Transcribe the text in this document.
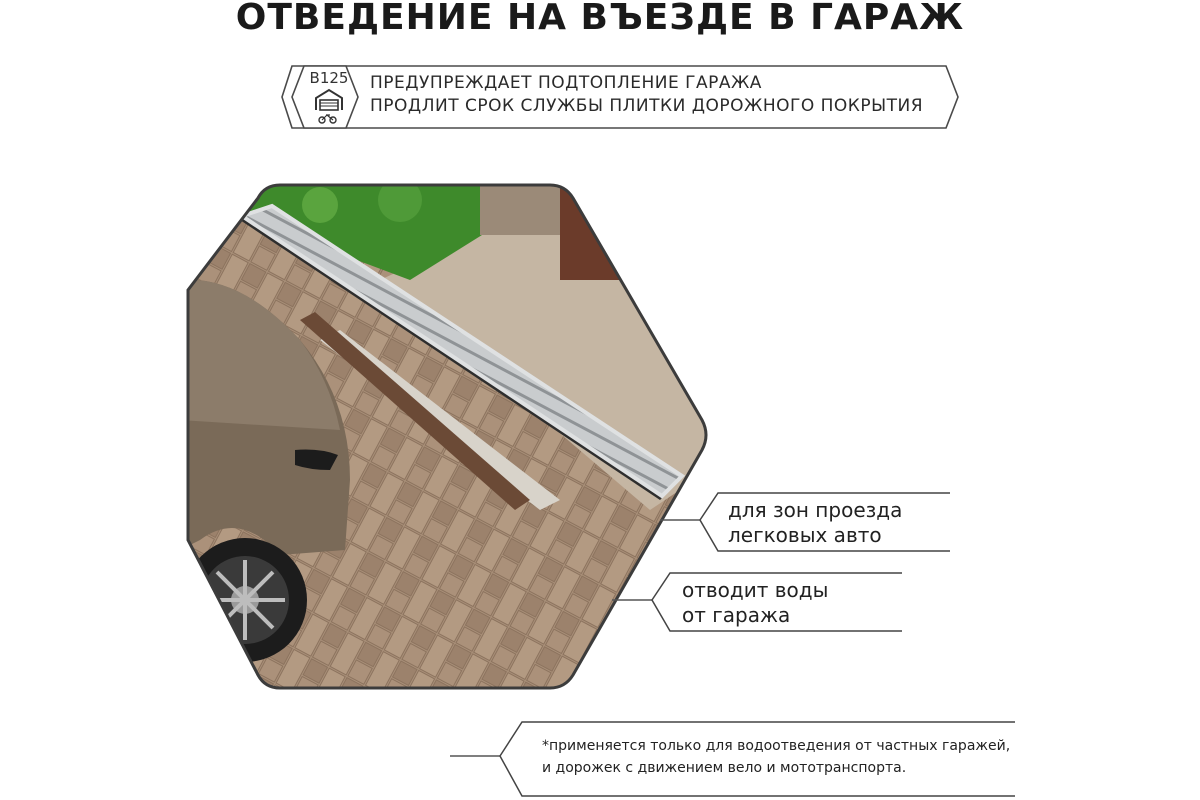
ОТВЕДЕНИЕ НА ВЪЕЗДЕ В ГАРАЖ
B125	ПРЕДУПРЕЖДАЕТ ПОДТОПЛЕНИЕ ГАРАЖА
ПРОДЛИТ СРОК СЛУЖБЫ ПЛИТКИ ДОРОЖНОГО ПОКРЫТИЯ
для зон проезда
легковых авто
отводит воды
от гаража
*применяется только для водоотведения от частных гаражей,
и дорожек с движением вело и мототранспорта.
